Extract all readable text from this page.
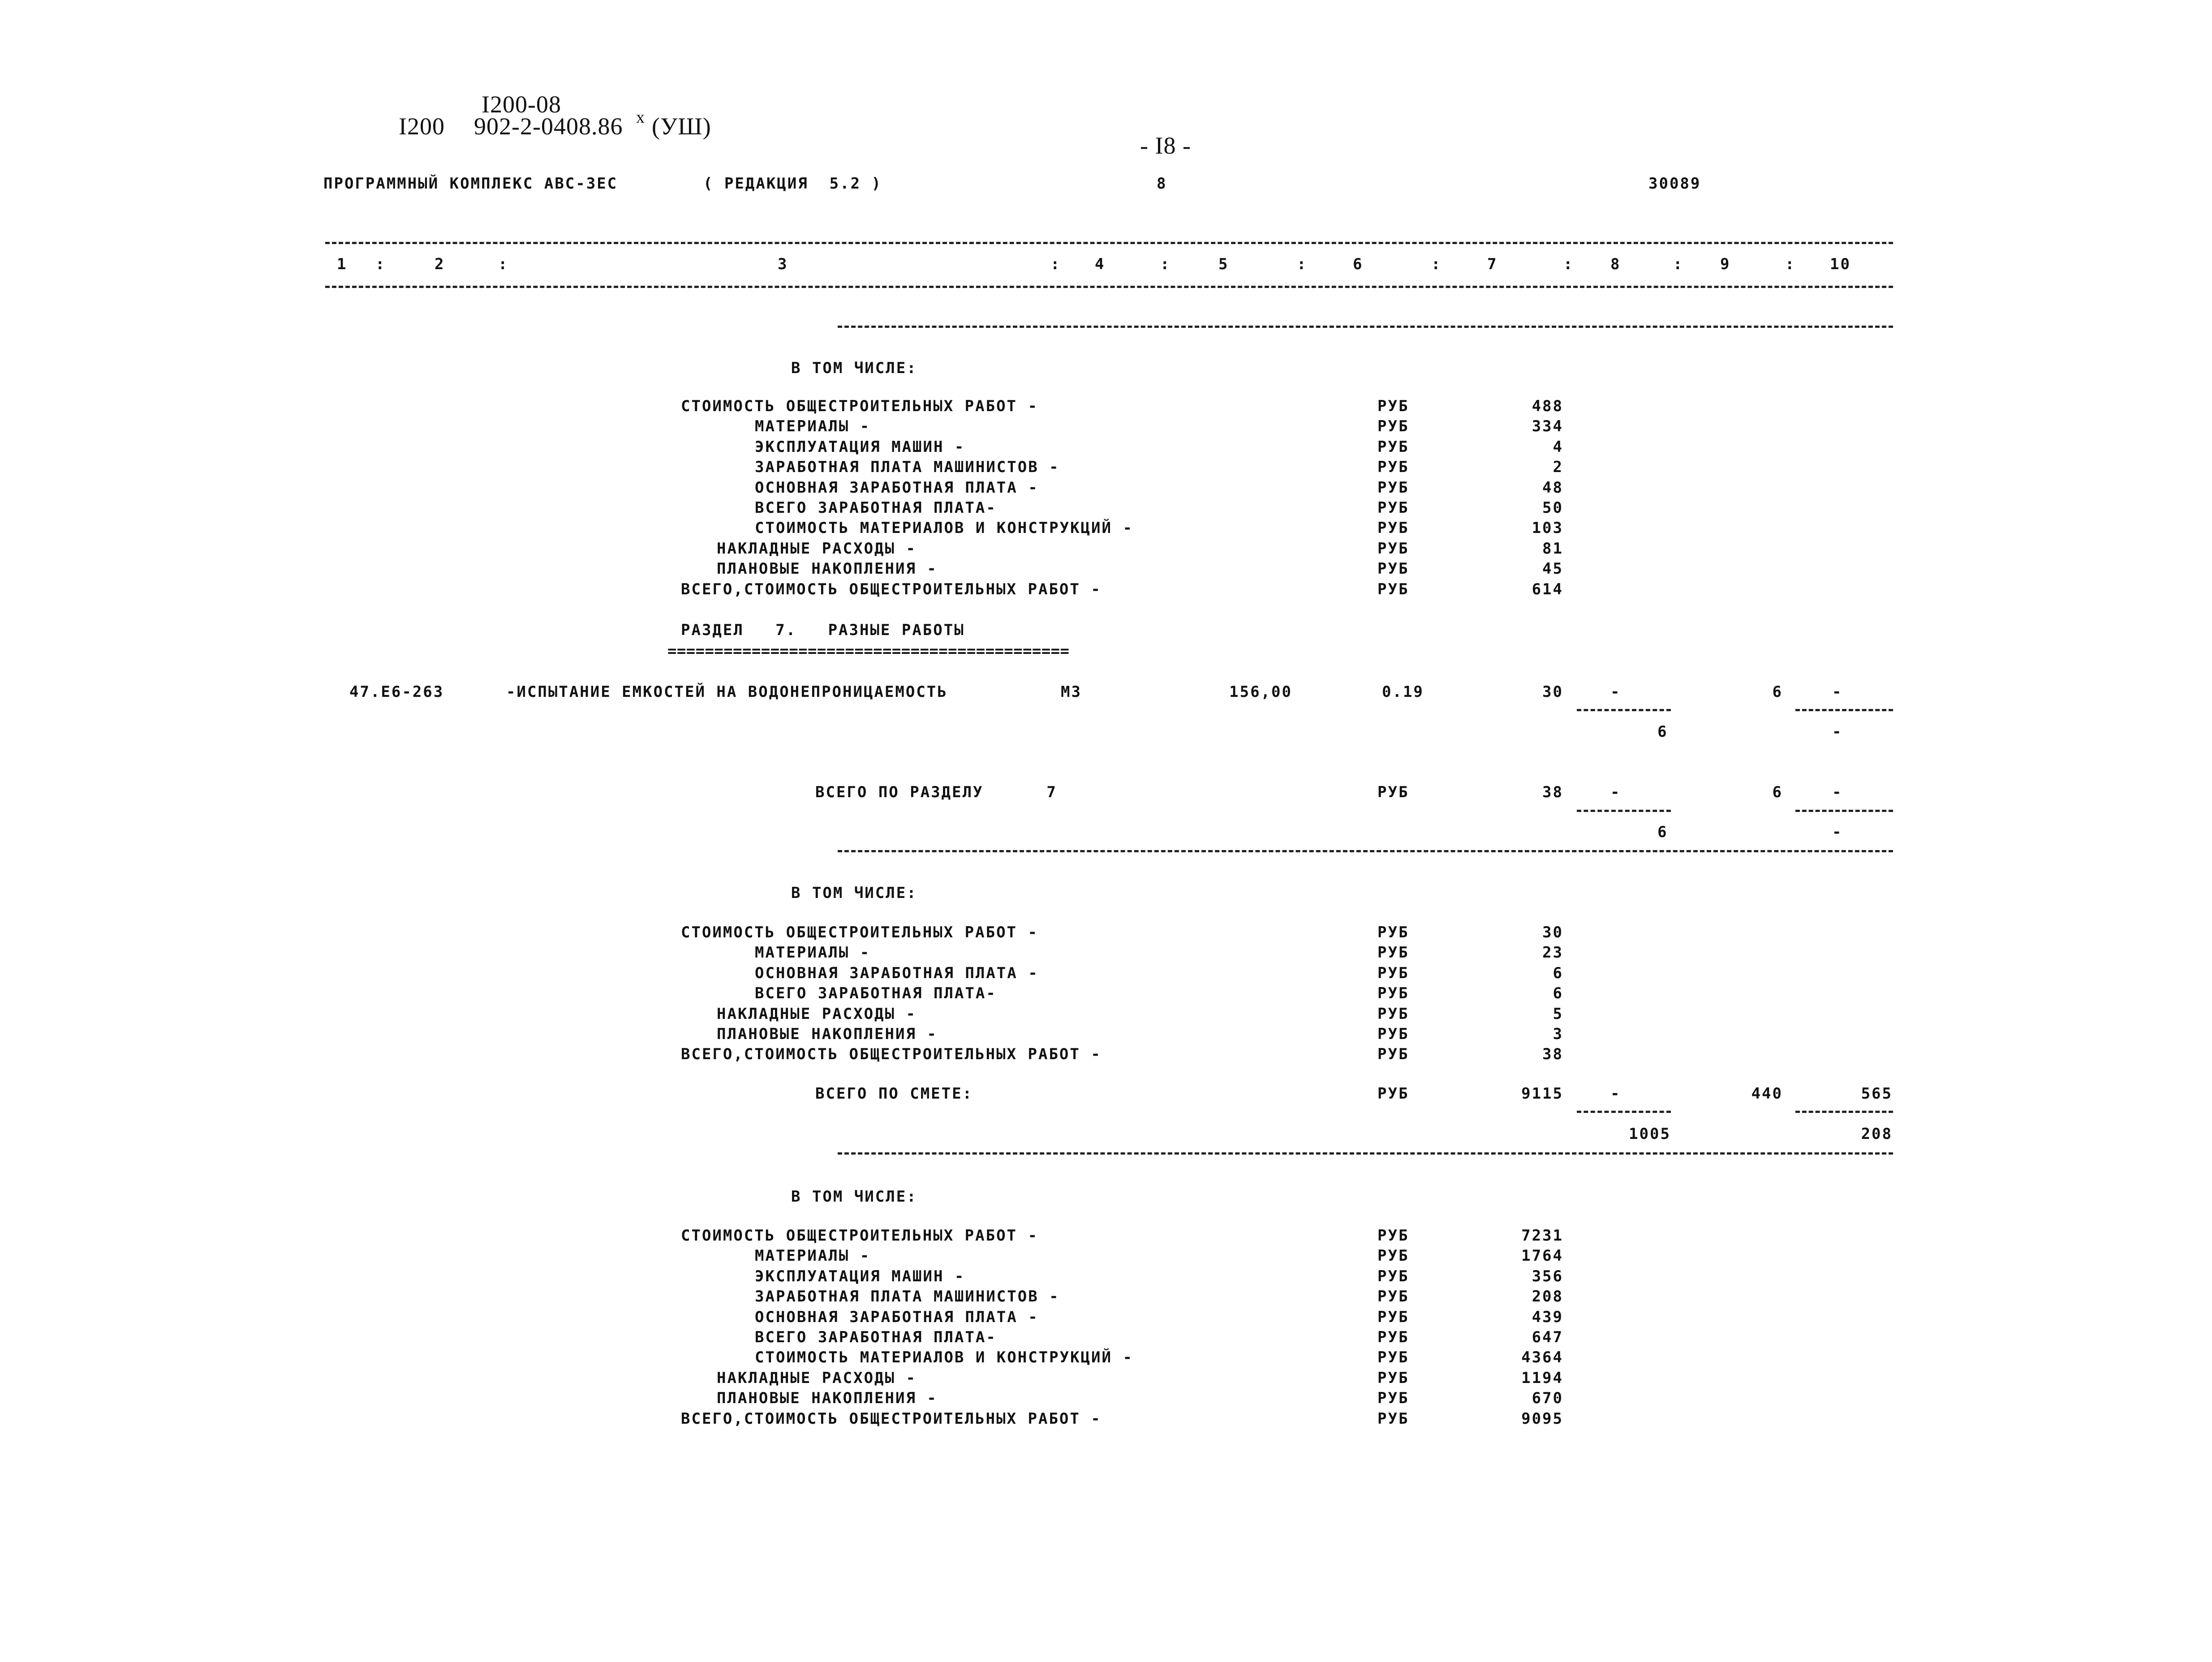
I200-08
I200 902-2-0408.86 х (УШ)
- I8 -
ПРОГРАММНЫЙ КОМПЛЕКС АВС-ЗЕС	( РЕДАКЦИЯ  5.2 )	8	30089
1 :	2	:	3	: 4	:	5	:	6	:	7	: 8	: 9	: 10
В ТОМ ЧИСЛЕ:
СТОИМОСТЬ ОБЩЕСТРОИТЕЛЬНЫХ РАБОТ -	РУБ	488
МАТЕРИАЛЫ -	РУБ	334
ЭКСПЛУАТАЦИЯ МАШИН -	РУБ	4
ЗАРАБОТНАЯ ПЛАТА МАШИНИСТОВ -	РУБ	2
ОСНОВНАЯ ЗАРАБОТНАЯ ПЛАТА -	РУБ	48
ВСЕГО ЗАРАБОТНАЯ ПЛАТА-	РУБ	50
СТОИМОСТЬ МАТЕРИАЛОВ И КОНСТРУКЦИЙ -	РУБ	103
НАКЛАДНЫЕ РАСХОДЫ -	РУБ	81
ПЛАНОВЫЕ НАКОПЛЕНИЯ -	РУБ	45
ВСЕГО,СТОИМОСТЬ ОБЩЕСТРОИТЕЛЬНЫХ РАБОТ -	РУБ	614
РАЗДЕЛ   7.   РАЗНЫЕ РАБОТЫ
===========================================
47.Е6-263	-ИСПЫТАНИЕ ЕМКОСТЕЙ НА ВОДОНЕПРОНИЦАЕМОСТЬ	М3	156,00	0.19	30	-	6	-
6	-
ВСЕГО ПО РАЗДЕЛУ      7	РУБ	38	-	6	-
6	-
В ТОМ ЧИСЛЕ:
СТОИМОСТЬ ОБЩЕСТРОИТЕЛЬНЫХ РАБОТ -	РУБ	30
МАТЕРИАЛЫ -	РУБ	23
ОСНОВНАЯ ЗАРАБОТНАЯ ПЛАТА -	РУБ	6
ВСЕГО ЗАРАБОТНАЯ ПЛАТА-	РУБ	6
НАКЛАДНЫЕ РАСХОДЫ -	РУБ	5
ПЛАНОВЫЕ НАКОПЛЕНИЯ -	РУБ	3
ВСЕГО,СТОИМОСТЬ ОБЩЕСТРОИТЕЛЬНЫХ РАБОТ -	РУБ	38
ВСЕГО ПО СМЕТЕ:	РУБ	9115	-	440	565
1005	208
В ТОМ ЧИСЛЕ:
СТОИМОСТЬ ОБЩЕСТРОИТЕЛЬНЫХ РАБОТ -	РУБ	7231
МАТЕРИАЛЫ -	РУБ	1764
ЭКСПЛУАТАЦИЯ МАШИН -	РУБ	356
ЗАРАБОТНАЯ ПЛАТА МАШИНИСТОВ -	РУБ	208
ОСНОВНАЯ ЗАРАБОТНАЯ ПЛАТА -	РУБ	439
ВСЕГО ЗАРАБОТНАЯ ПЛАТА-	РУБ	647
СТОИМОСТЬ МАТЕРИАЛОВ И КОНСТРУКЦИЙ -	РУБ	4364
НАКЛАДНЫЕ РАСХОДЫ -	РУБ	1194
ПЛАНОВЫЕ НАКОПЛЕНИЯ -	РУБ	670
ВСЕГО,СТОИМОСТЬ ОБЩЕСТРОИТЕЛЬНЫХ РАБОТ -	РУБ	9095
